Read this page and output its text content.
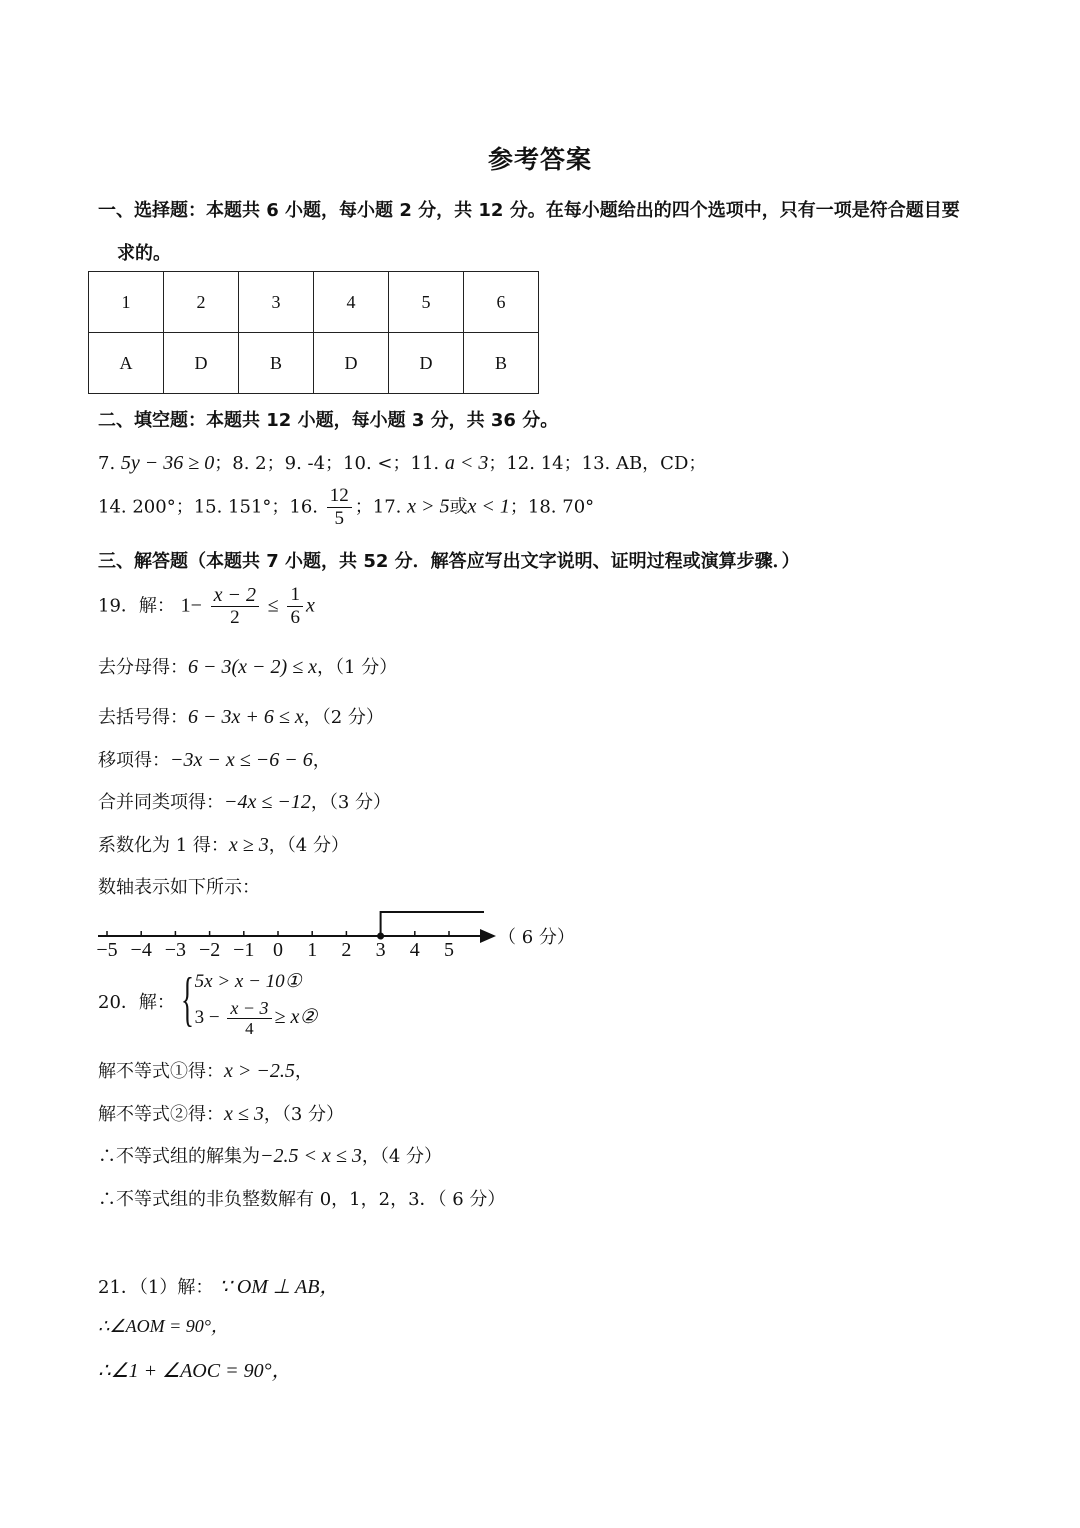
参考答案
一、选择题：本题共 6 小题，每小题 2 分，共 12 分。在每小题给出的四个选项中，只有一项是符合题目要
求的。
1	2	3	4	5	6
A	D	B	D	D	B
二、填空题：本题共 12 小题，每小题 3 分，共 36 分。
7. 5y − 36 ≥ 0；8. 2；9. -4；10. <；11. a < 3；12. 14；13. AB，CD；
14. 200°；15. 151°；16. $\frac{12}{5}$ ；17. x > 5或x < 1；18. 70°
三、解答题（本题共 7 小题，共 52 分．解答应写出文字说明、证明过程或演算步骤．）
19．解： $1- \frac{x - 2}{2} \le \frac{1}{6}$ x
去分母得：6 − 3(x − 2) ≤ x，（1 分）
去括号得：6 − 3x + 6 ≤ x，（2 分）
移项得：−3x − x ≤ −6 − 6，
合并同类项得：−4x ≤ −12，（3 分）
系数化为 1 得：x ≥ 3，（4 分）
数轴表示如下所示：
−5 −4 −3 −2 −1 0 1 2 3 4 5
（ 6 分）
20．解： { 5x > x − 10①
$3 - \frac{x - 3}{4}$ ≥ x②
解不等式①得：x > −2.5，
解不等式②得：x ≤ 3，（3 分）
∴不等式组的解集为−2.5 < x ≤ 3，（4 分）
∴不等式组的非负整数解有 0，1，2，3．（ 6 分）
21．（1）解： ∵ OM ⊥ AB，
∴∠AOM = 90°，
∴∠1 + ∠AOC = 90°，
